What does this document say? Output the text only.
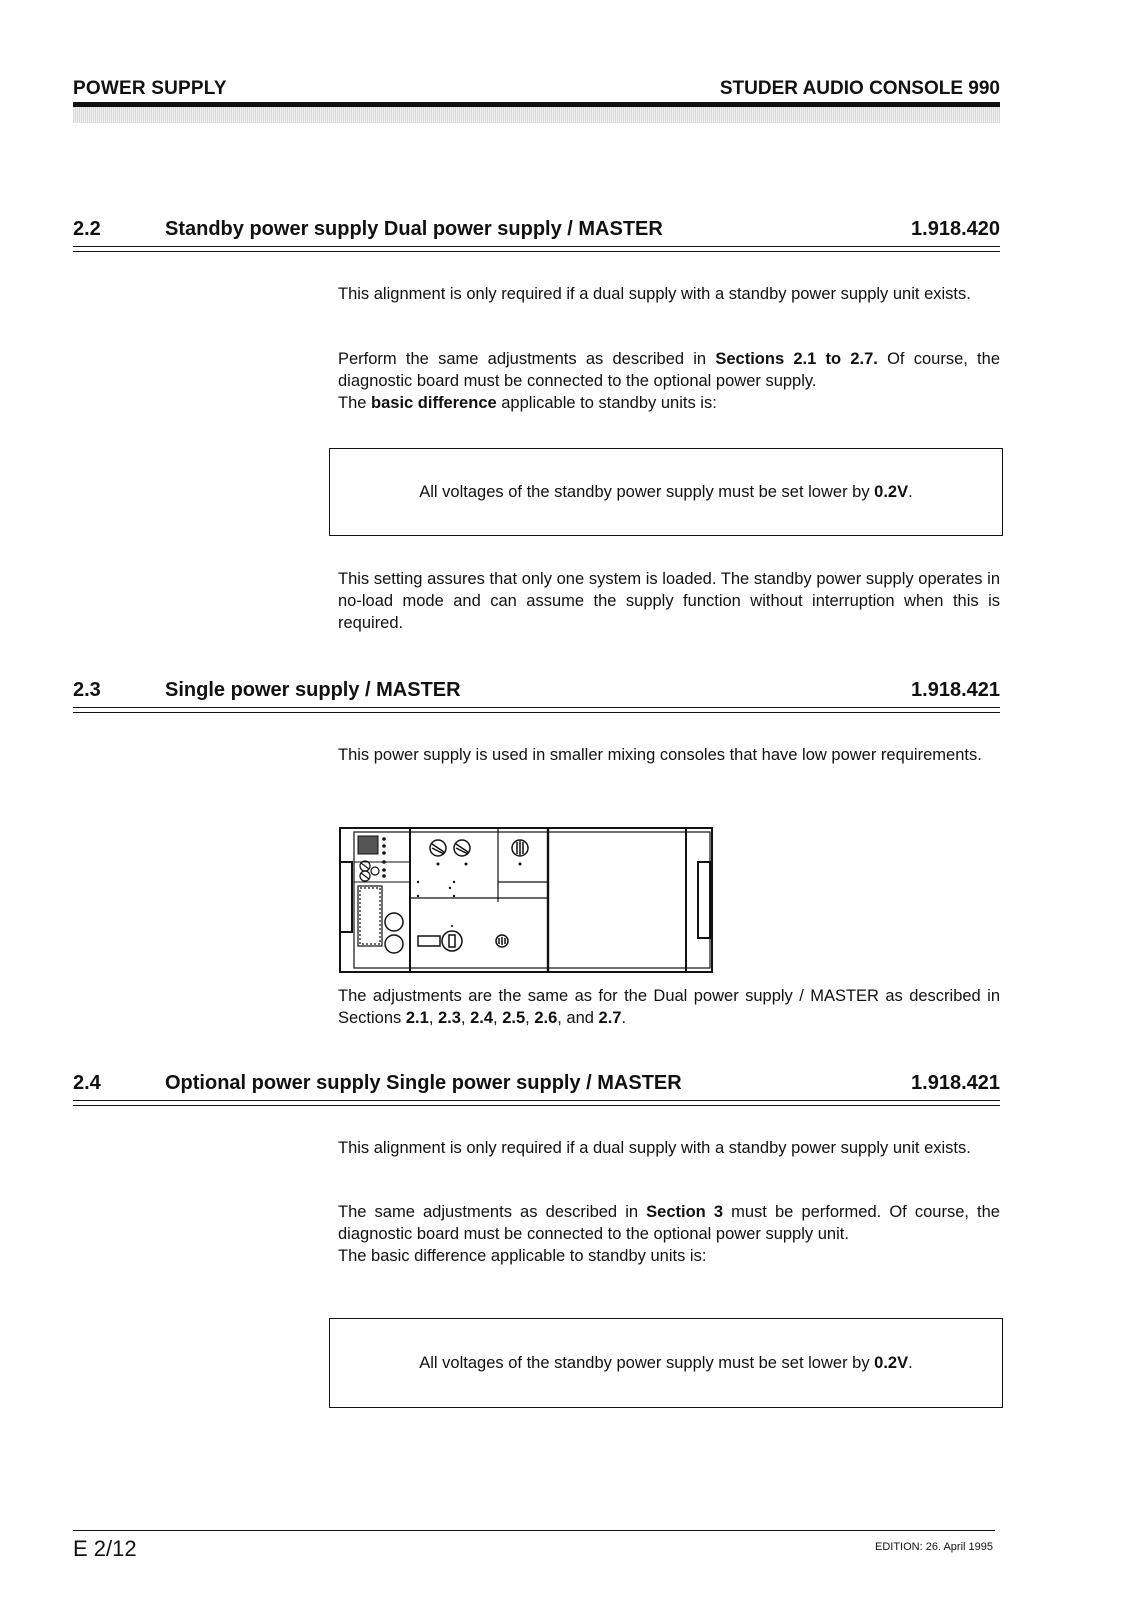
POWER SUPPLY	STUDER AUDIO CONSOLE 990
2.2	Standby power supply Dual power supply / MASTER	1.918.420

This alignment is only required if a dual supply with a standby power supply unit exists.

Perform the same adjustments as described in Sections 2.1 to 2.7. Of course, the diagnostic board must be connected to the optional power supply.

The basic difference applicable to standby units is:

All voltages of the standby power supply must be set lower by 0.2V.

This setting assures that only one system is loaded. The standby power supply operates in no-load mode and can assume the supply function without interruption when this is required.

2.3	Single power supply / MASTER	1.918.421

This power supply is used in smaller mixing consoles that have low power requirements.

The adjustments are the same as for the Dual power supply / MASTER as described in Sections 2.1, 2.3, 2.4, 2.5, 2.6, and 2.7.

2.4	Optional power supply Single power supply / MASTER	1.918.421

This alignment is only required if a dual supply with a standby power supply unit exists.

The same adjustments as described in Section 3 must be performed. Of course, the diagnostic board must be connected to the optional power supply unit.

The basic difference applicable to standby units is:

All voltages of the standby power supply must be set lower by 0.2V.
E 2/12	EDITION: 26. April 1995
